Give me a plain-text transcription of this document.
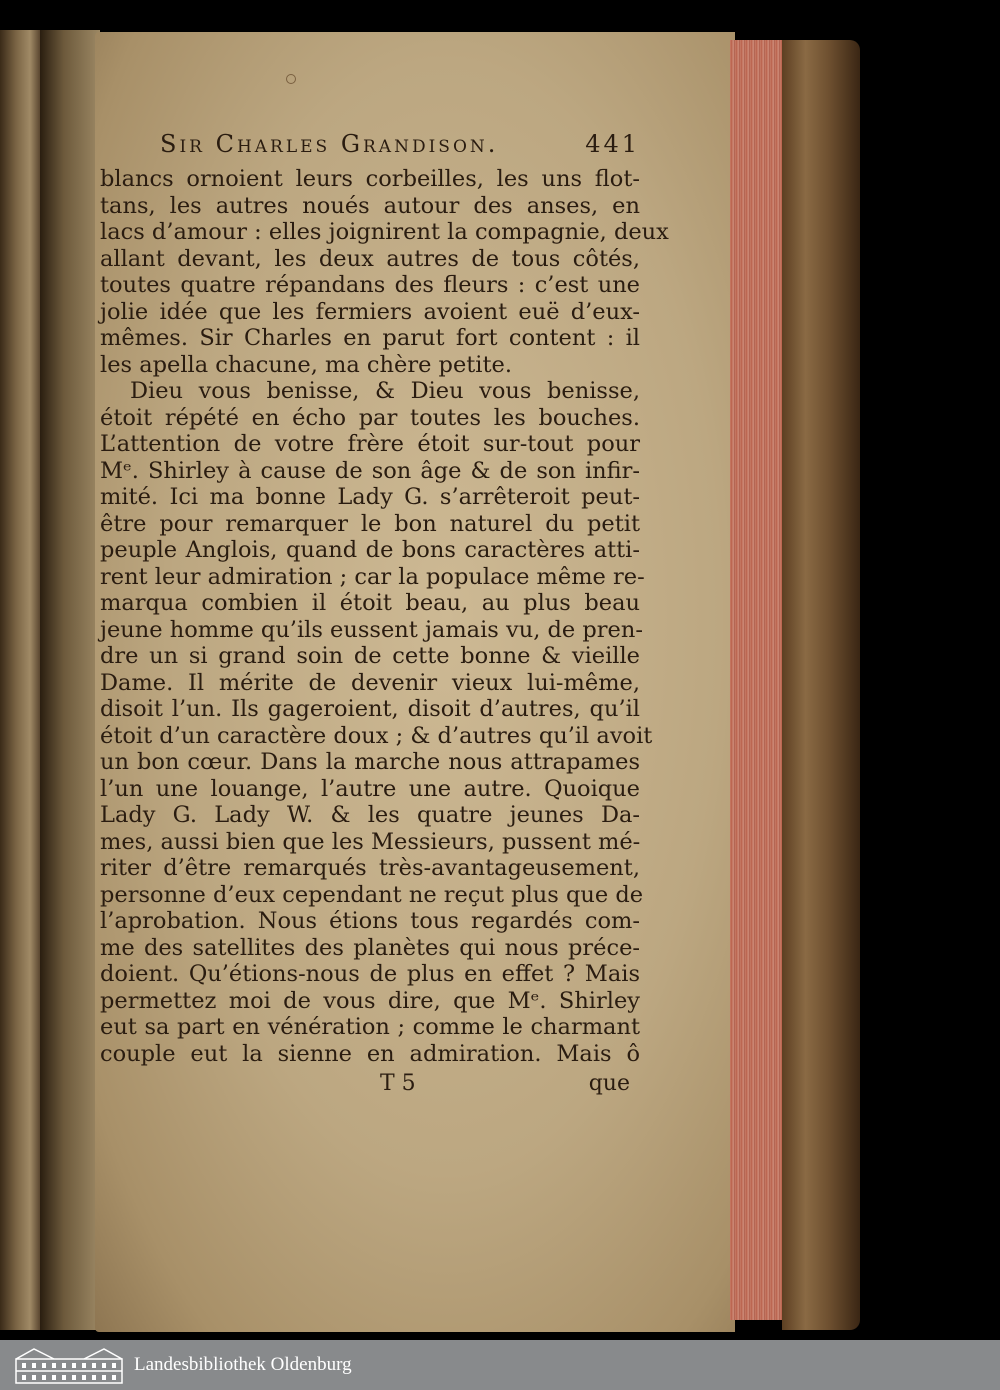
Sir Charles Grandison.	441
blancs ornoient leurs corbeilles, les uns flot-
tans, les autres noués autour des anses, en
lacs d’amour : elles joignirent la compagnie, deux
allant devant, les deux autres de tous côtés,
toutes quatre répandans des fleurs : c’est une
jolie idée que les fermiers avoient euë d’eux-
mêmes. Sir Charles en parut fort content : il
les apella chacune, ma chère petite.
Dieu vous benisse, & Dieu vous benisse,
étoit répété en écho par toutes les bouches.
L’attention de votre frère étoit sur-tout pour
Mᵉ. Shirley à cause de son âge & de son infir-
mité. Ici ma bonne Lady G. s’arrêteroit peut-
être pour remarquer le bon naturel du petit
peuple Anglois, quand de bons caractères atti-
rent leur admiration ; car la populace même re-
marqua combien il étoit beau, au plus beau
jeune homme qu’ils eussent jamais vu, de pren-
dre un si grand soin de cette bonne & vieille
Dame. Il mérite de devenir vieux lui-même,
disoit l’un. Ils gageroient, disoit d’autres, qu’il
étoit d’un caractère doux ; & d’autres qu’il avoit
un bon cœur. Dans la marche nous attrapames
l’un une louange, l’autre une autre. Quoique
Lady G. Lady W. & les quatre jeunes Da-
mes, aussi bien que les Messieurs, pussent mé-
riter d’être remarqués très-avantageusement,
personne d’eux cependant ne reçut plus que de
l’aprobation. Nous étions tous regardés com-
me des satellites des planètes qui nous préce-
doient. Qu’étions-nous de plus en effet ? Mais
permettez moi de vous dire, que Mᵉ. Shirley
eut sa part en vénération ; comme le charmant
couple eut la sienne en admiration. Mais ô
T 5	que
Landesbibliothek Oldenburg
